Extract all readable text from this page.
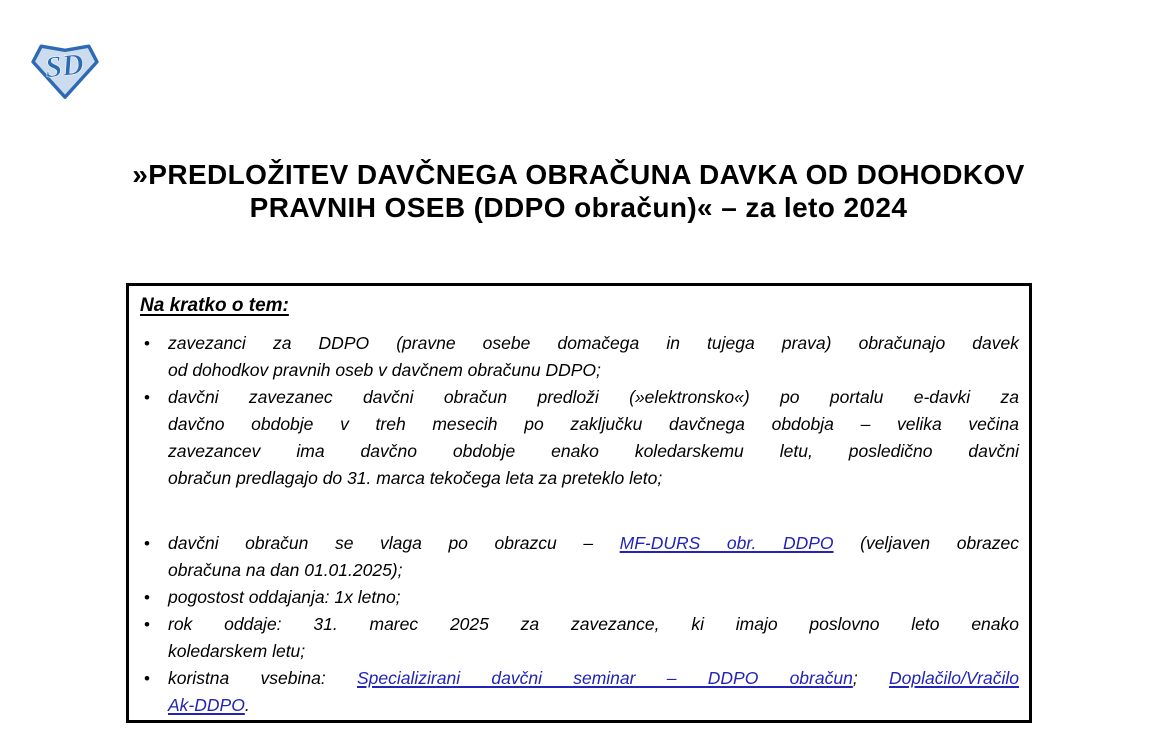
SD
»PREDLOŽITEV DAVČNEGA OBRAČUNA DAVKA OD DOHODKOV
PRAVNIH OSEB (DDPO obračun)« – za leto 2024
Na kratko o tem:
• zavezanci za DDPO (pravne osebe domačega in tujega prava) obračunajo davek
od dohodkov pravnih oseb v davčnem obračunu DDPO;
• davčni zavezanec davčni obračun predloži (»elektronsko«) po portalu e-davki za
davčno obdobje v treh mesecih po zaključku davčnega obdobja – velika večina
zavezancev ima davčno obdobje enako koledarskemu letu, posledično davčni
obračun predlagajo do 31. marca tekočega leta za preteklo leto;
• davčni obračun se vlaga po obrazcu – MF-DURS obr. DDPO (veljaven obrazec
obračuna na dan 01.01.2025);
• pogostost oddajanja: 1x letno;
• rok oddaje: 31. marec 2025 za zavezance, ki imajo poslovno leto enako
koledarskem letu;
• koristna vsebina: Specializirani davčni seminar – DDPO obračun; Doplačilo/Vračilo
Ak-DDPO.
